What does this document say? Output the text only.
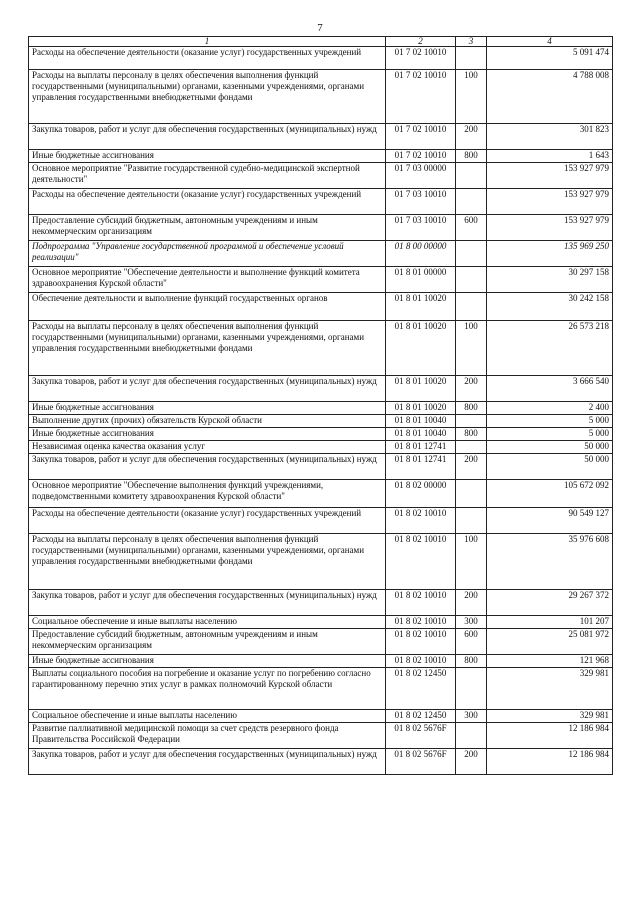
7
1	2	3	4
Расходы на обеспечение деятельности (оказание услуг) государственных учреждений	01 7 02 10010		5 091 474
Расходы на выплаты персоналу в целях обеспечения выполнения функций государственными (муниципальными) органами, казенными учреждениями, органами управления государственными внебюджетными фондами	01 7 02 10010	100	4 788 008
Закупка товаров, работ и услуг для обеспечения государственных (муниципальных) нужд	01 7 02 10010	200	301 823
Иные бюджетные ассигнования	01 7 02 10010	800	1 643
Основное мероприятие "Развитие государственной судебно-медицинской экспертной деятельности"	01 7 03 00000		153 927 979
Расходы на обеспечение деятельности (оказание услуг) государственных учреждений	01 7 03 10010		153 927 979
Предоставление субсидий бюджетным, автономным учреждениям и иным некоммерческим организациям	01 7 03 10010	600	153 927 979
Подпрограмма "Управление государственной программой и обеспечение условий реализации"	01 8 00 00000		135 969 250
Основное мероприятие "Обеспечение деятельности и выполнение функций комитета здравоохранения Курской области"	01 8 01 00000		30 297 158
Обеспечение деятельности и выполнение функций государственных органов	01 8 01 10020		30 242 158
Расходы на выплаты персоналу в целях обеспечения выполнения функций государственными (муниципальными) органами, казенными учреждениями, органами управления государственными внебюджетными фондами	01 8 01 10020	100	26 573 218
Закупка товаров, работ и услуг для обеспечения государственных (муниципальных) нужд	01 8 01 10020	200	3 666 540
Иные бюджетные ассигнования	01 8 01 10020	800	2 400
Выполнение других (прочих) обязательств Курской области	01 8 01 10040		5 000
Иные бюджетные ассигнования	01 8 01 10040	800	5 000
Независимая оценка качества оказания услуг	01 8 01 12741		50 000
Закупка товаров, работ и услуг для обеспечения государственных (муниципальных) нужд	01 8 01 12741	200	50 000
Основное мероприятие "Обеспечение выполнения функций учреждениями, подведомственными комитету здравоохранения Курской области"	01 8 02 00000		105 672 092
Расходы на обеспечение деятельности (оказание услуг) государственных учреждений	01 8 02 10010		90 549 127
Расходы на выплаты персоналу в целях обеспечения выполнения функций государственными (муниципальными) органами, казенными учреждениями, органами управления государственными внебюджетными фондами	01 8 02 10010	100	35 976 608
Закупка товаров, работ и услуг для обеспечения государственных (муниципальных) нужд	01 8 02 10010	200	29 267 372
Социальное обеспечение и иные выплаты населению	01 8 02 10010	300	101 207
Предоставление субсидий бюджетным, автономным учреждениям и иным некоммерческим организациям	01 8 02 10010	600	25 081 972
Иные бюджетные ассигнования	01 8 02 10010	800	121 968
Выплаты социального пособия на погребение и оказание услуг по погребению согласно гарантированному перечню этих услуг в рамках полномочий Курской области	01 8 02 12450		329 981
Социальное обеспечение и иные выплаты населению	01 8 02 12450	300	329 981
Развитие паллиативной медицинской помощи за счет средств резервного фонда Правительства Российской Федерации	01 8 02 5676F		12 186 984
Закупка товаров, работ и услуг для обеспечения государственных (муниципальных) нужд	01 8 02 5676F	200	12 186 984
